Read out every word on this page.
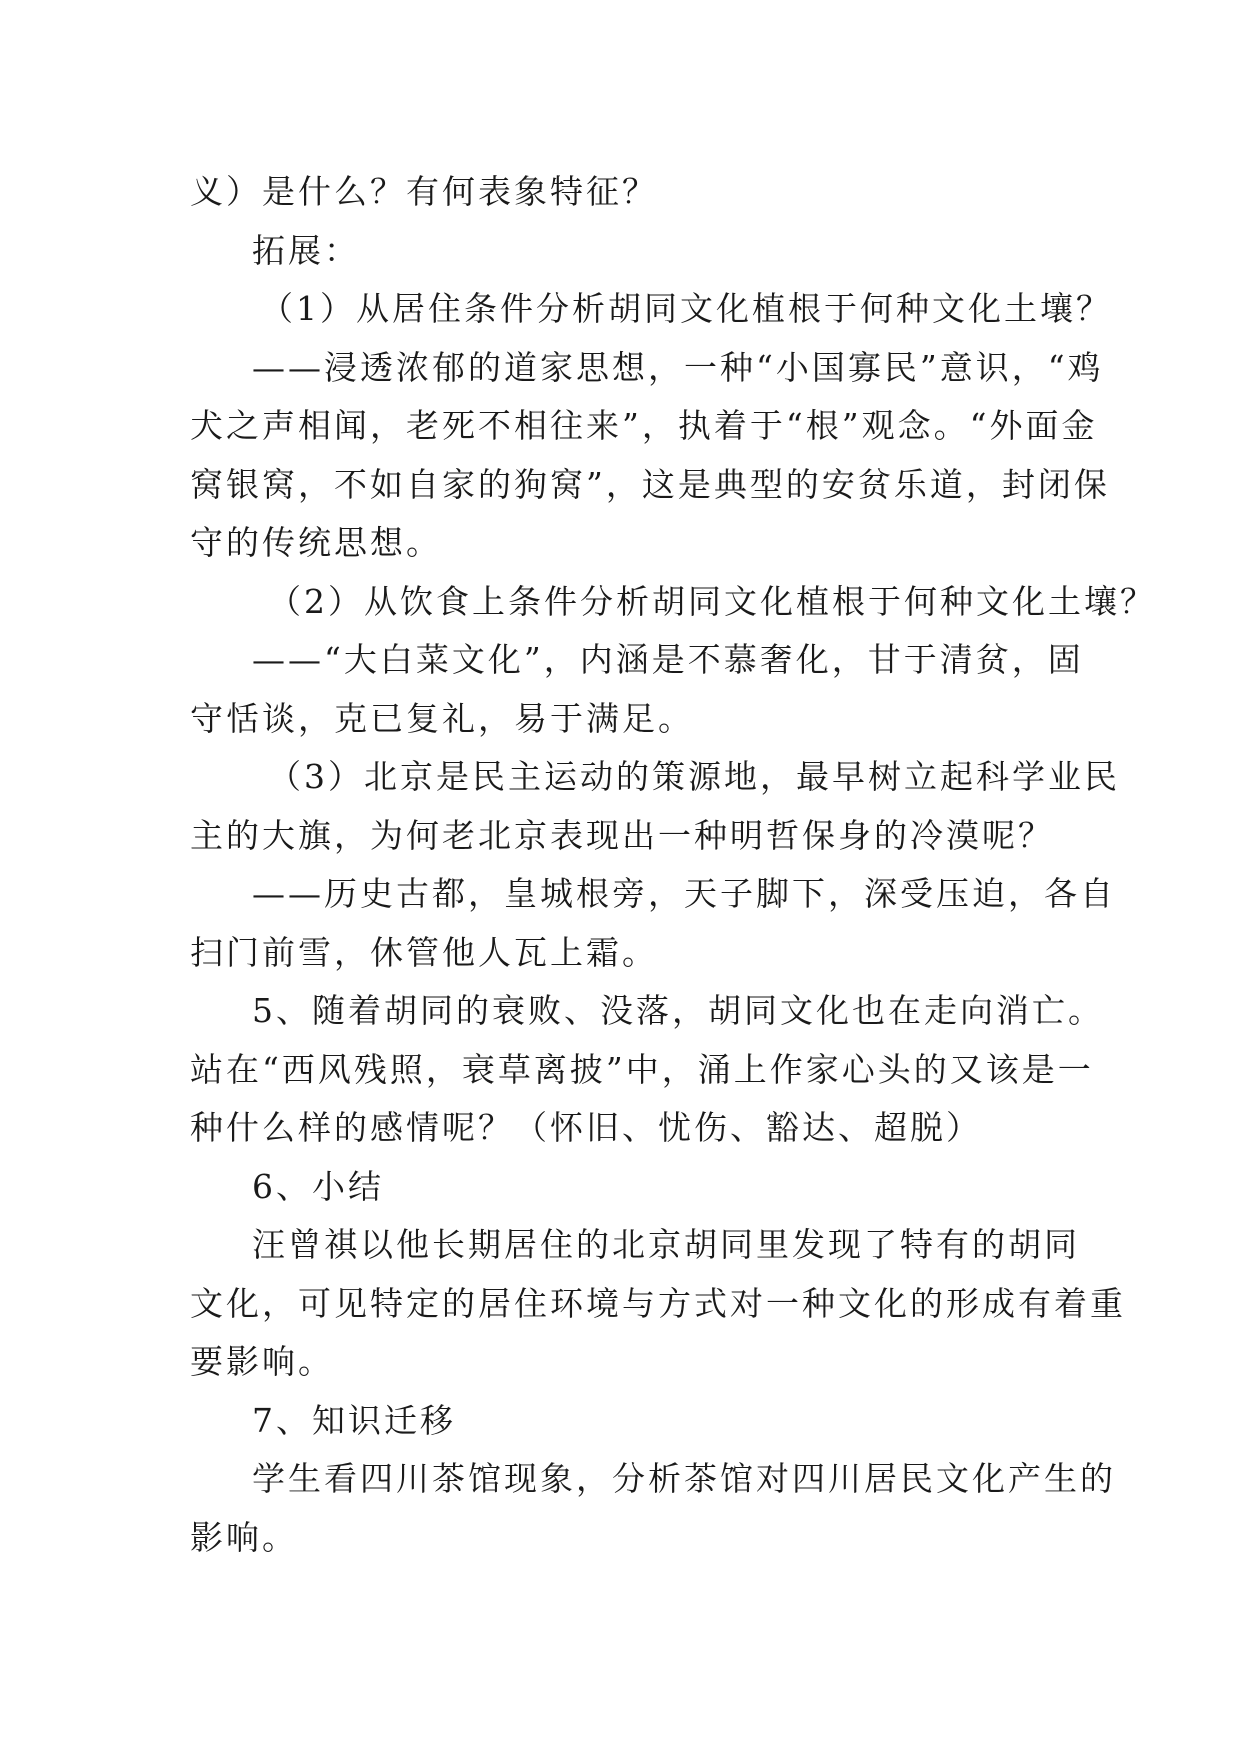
义）是什么？有何表象特征？
拓展：
（1）从居住条件分析胡同文化植根于何种文化土壤？
——浸透浓郁的道家思想，一种“小国寡民”意识，“鸡
犬之声相闻，老死不相往来”，执着于“根”观念。“外面金
窝银窝，不如自家的狗窝”，这是典型的安贫乐道，封闭保
守的传统思想。
（2）从饮食上条件分析胡同文化植根于何种文化土壤？
——“大白菜文化”，内涵是不慕奢化，甘于清贫，固
守恬谈，克已复礼，易于满足。
（3）北京是民主运动的策源地，最早树立起科学业民
主的大旗，为何老北京表现出一种明哲保身的冷漠呢？
——历史古都，皇城根旁，天子脚下，深受压迫，各自
扫门前雪，休管他人瓦上霜。
5、随着胡同的衰败、没落，胡同文化也在走向消亡。
站在“西风残照，衰草离披”中，涌上作家心头的又该是一
种什么样的感情呢？（怀旧、忧伤、豁达、超脱）
6、小结
汪曾祺以他长期居住的北京胡同里发现了特有的胡同
文化，可见特定的居住环境与方式对一种文化的形成有着重
要影响。
7、知识迁移
学生看四川茶馆现象，分析茶馆对四川居民文化产生的
影响。
